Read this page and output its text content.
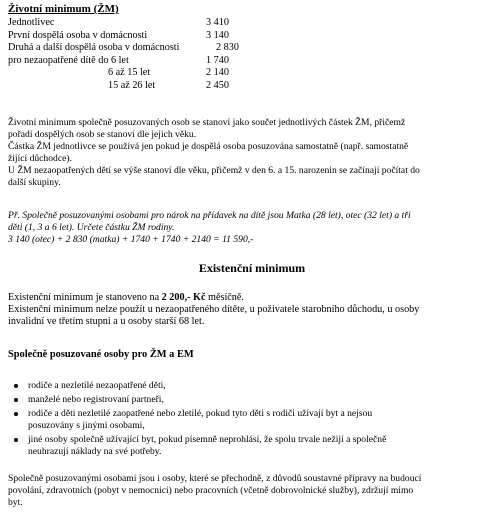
Životní minimum (ŽM)
Jednotlivec	3 410
První dospělá osoba v domácnosti	3 140
Druhá a další dospělá osoba v domácnosti	2 830
pro nezaopatřené dítě do 6 let	1 740
6 až 15 let	2 140
15 až 26 let	2 450
Životní minimum společně posuzovaných osob se stanoví jako součet jednotlivých částek ŽM, přičemž
pořadí dospělých osob se stanoví dle jejich věku.
Částka ŽM jednotlivce se používá jen pokud je dospělá osoba posuzována samostatně (např. samostatně
žijící důchodce).
U ŽM nezaopatřených dětí se výše stanoví dle věku, přičemž v den 6. a 15. narozenin se začínají počítat do
další skupiny.
Př. Společně posuzovanými osobami pro nárok na přídavek na dítě jsou Matka (28 let), otec (32 let) a tři
děti (1, 3 a 6 let). Určete částku ŽM rodiny.
3 140 (otec) + 2 830 (matka) + 1740 + 1740 + 2140 = 11 590,-
Existenční minimum
Existenční minimum je stanoveno na 2 200,- Kč měsíčně.
Existenční minimum nelze použít u nezaopatřeného dítěte, u poživatele starobního důchodu, u osoby
invalidní ve třetím stupni a u osoby starší 68 let.
Společně posuzované osoby pro ŽM a EM
rodiče a nezletilé nezaopatřené děti,
manželé nebo registrovaní partneři,
rodiče a děti nezletilé zaopatřené nebo zletilé, pokud tyto děti s rodiči užívají byt a nejsou
posuzovány s jinými osobami,
jiné osoby společně užívající byt, pokud písemně neprohlásí, že spolu trvale nežijí a společně
neuhrazují náklady na své potřeby.
Společně posuzovanými osobami jsou i osoby, které se přechodně, z důvodů soustavné přípravy na budoucí
povolání, zdravotních (pobyt v nemocnici) nebo pracovních (včetně dobrovolnické služby), zdržují mimo
byt.
